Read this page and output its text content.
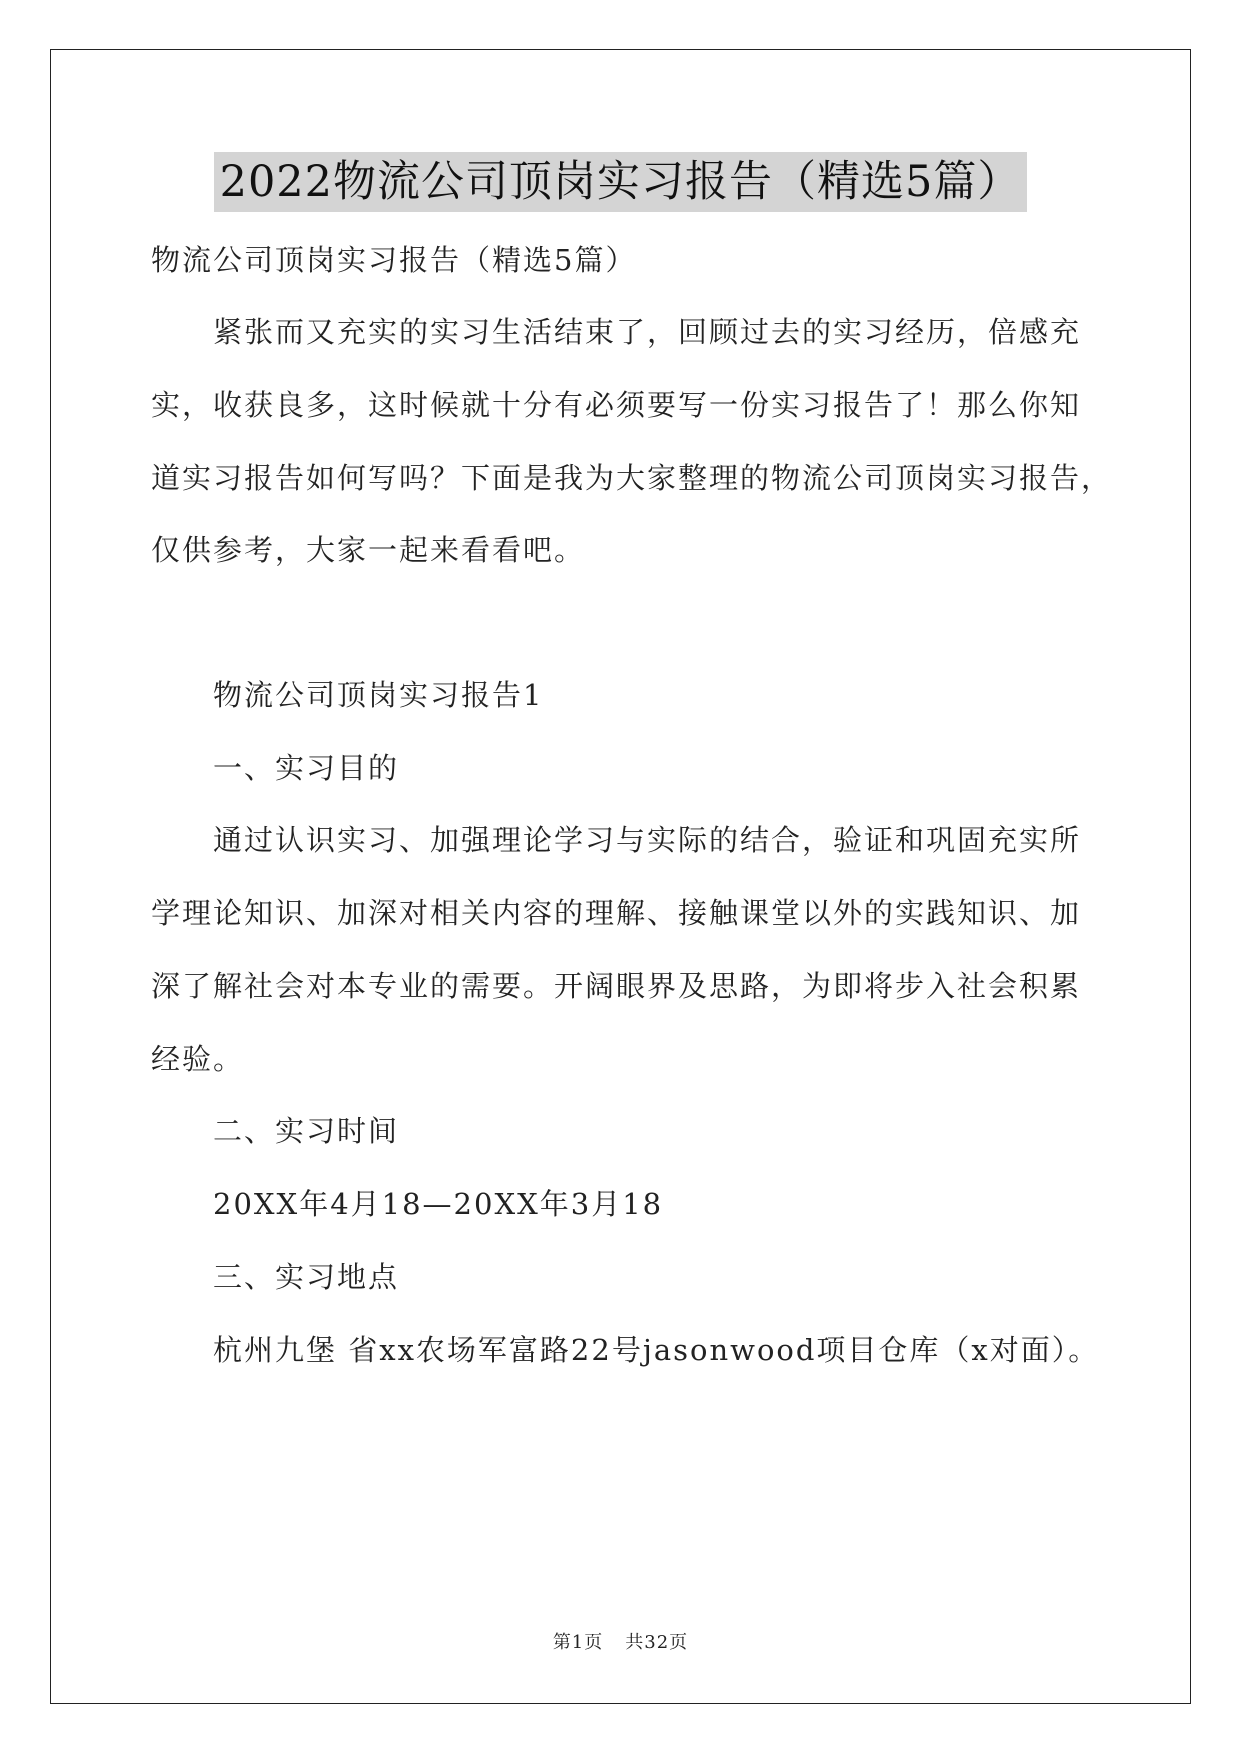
2022物流公司顶岗实习报告（精选5篇）
物流公司顶岗实习报告（精选5篇）
紧张而又充实的实习生活结束了，回顾过去的实习经历，倍感充
实，收获良多，这时候就十分有必须要写一份实习报告了！那么你知
道实习报告如何写吗？下面是我为大家整理的物流公司顶岗实习报告，
仅供参考，大家一起来看看吧。
物流公司顶岗实习报告1
一、实习目的
通过认识实习、加强理论学习与实际的结合，验证和巩固充实所
学理论知识、加深对相关内容的理解、接触课堂以外的实践知识、加
深了解社会对本专业的需要。开阔眼界及思路，为即将步入社会积累
经验。
二、实习时间
20XX年4月18—20XX年3月18
三、实习地点
杭州九堡 省xx农场军富路22号jasonwood项目仓库（x对面）。
第1页 共32页
